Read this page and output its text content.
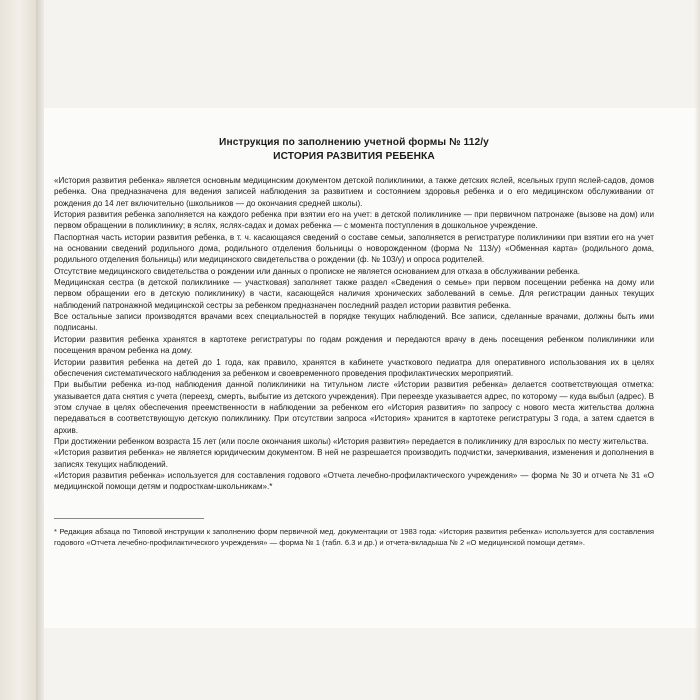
Инструкция по заполнению учетной формы № 112/у
ИСТОРИЯ РАЗВИТИЯ РЕБЕНКА

«История развития ребенка» является основным медицинским документом детской поликлиники, а также детских яслей, ясельных групп яслей-садов, домов ребенка. Она предназначена для ведения записей наблюдения за развитием и состоянием здоровья ребенка и о его медицинском обслуживании от рождения до 14 лет включительно (школьников — до окончания средней школы).

История развития ребенка заполняется на каждого ребенка при взятии его на учет: в детской поликлинике — при первичном патронаже (вызове на дом) или первом обращении в поликлинику; в яслях, яслях-садах и домах ребенка — с момента поступления в дошкольное учреждение.

Паспортная часть истории развития ребенка, в т. ч. касающаяся сведений о составе семьи, заполняется в регистратуре поликлиники при взятии его на учет на основании сведений родильного дома, родильного отделения больницы о новорожденном (форма № 113/у) «Обменная карта» (родильного дома, родильного отделения больницы) или медицинского свидетельства о рождении (ф. № 103/у) и опроса родителей.

Отсутствие медицинского свидетельства о рождении или данных о прописке не является основанием для отказа в обслуживании ребенка.

Медицинская сестра (в детской поликлинике — участковая) заполняет также раздел «Сведения о семье» при первом посещении ребенка на дому или первом обращении его в детскую поликлинику) в части, касающейся наличия хронических заболеваний в семье. Для регистрации данных текущих наблюдений патронажной медицинской сестры за ребенком предназначен последний раздел истории развития ребенка.

Все остальные записи производятся врачами всех специальностей в порядке текущих наблюдений. Все записи, сделанные врачами, должны быть ими подписаны.

Истории развития ребенка хранятся в картотеке регистратуры по годам рождения и передаются врачу в день посещения ребенком поликлиники или посещения врачом ребенка на дому.

Истории развития ребенка на детей до 1 года, как правило, хранятся в кабинете участкового педиатра для оперативного использования их в целях обеспечения систематического наблюдения за ребенком и своевременного проведения профилактических мероприятий.

При выбытии ребенка из-под наблюдения данной поликлиники на титульном листе «Истории развития ребенка» делается соответствующая отметка: указывается дата снятия с учета (переезд, смерть, выбытие из детского учреждения). При переезде указывается адрес, по которому — куда выбыл (адрес). В этом случае в целях обеспечения преемственности в наблюдении за ребенком его «История развития» по запросу с нового места жительства должна передаваться в соответствующую детскую поликлинику. При отсутствии запроса «История» хранится в картотеке регистратуры 3 года, а затем сдается в архив.

При достижении ребенком возраста 15 лет (или после окончания школы) «История развития» передается в поликлинику для взрослых по месту жительства.

«История развития ребенка» не является юридическим документом. В ней не разрешается производить подчистки, зачеркивания, изменения и дополнения в записях текущих наблюдений.

«История развития ребенка» используется для составления годового «Отчета лечебно-профилактического учреждения» — форма № 30 и отчета № 31 «О медицинской помощи детям и подросткам-школьникам».*

* Редакция абзаца по Типовой инструкции к заполнению форм первичной мед. документации от 1983 года: «История развития ребенка» используется для составления годового «Отчета лечебно-профилактического учреждения» — форма № 1 (табл. 6.3 и др.) и отчета-вкладыша № 2 «О медицинской помощи детям».
